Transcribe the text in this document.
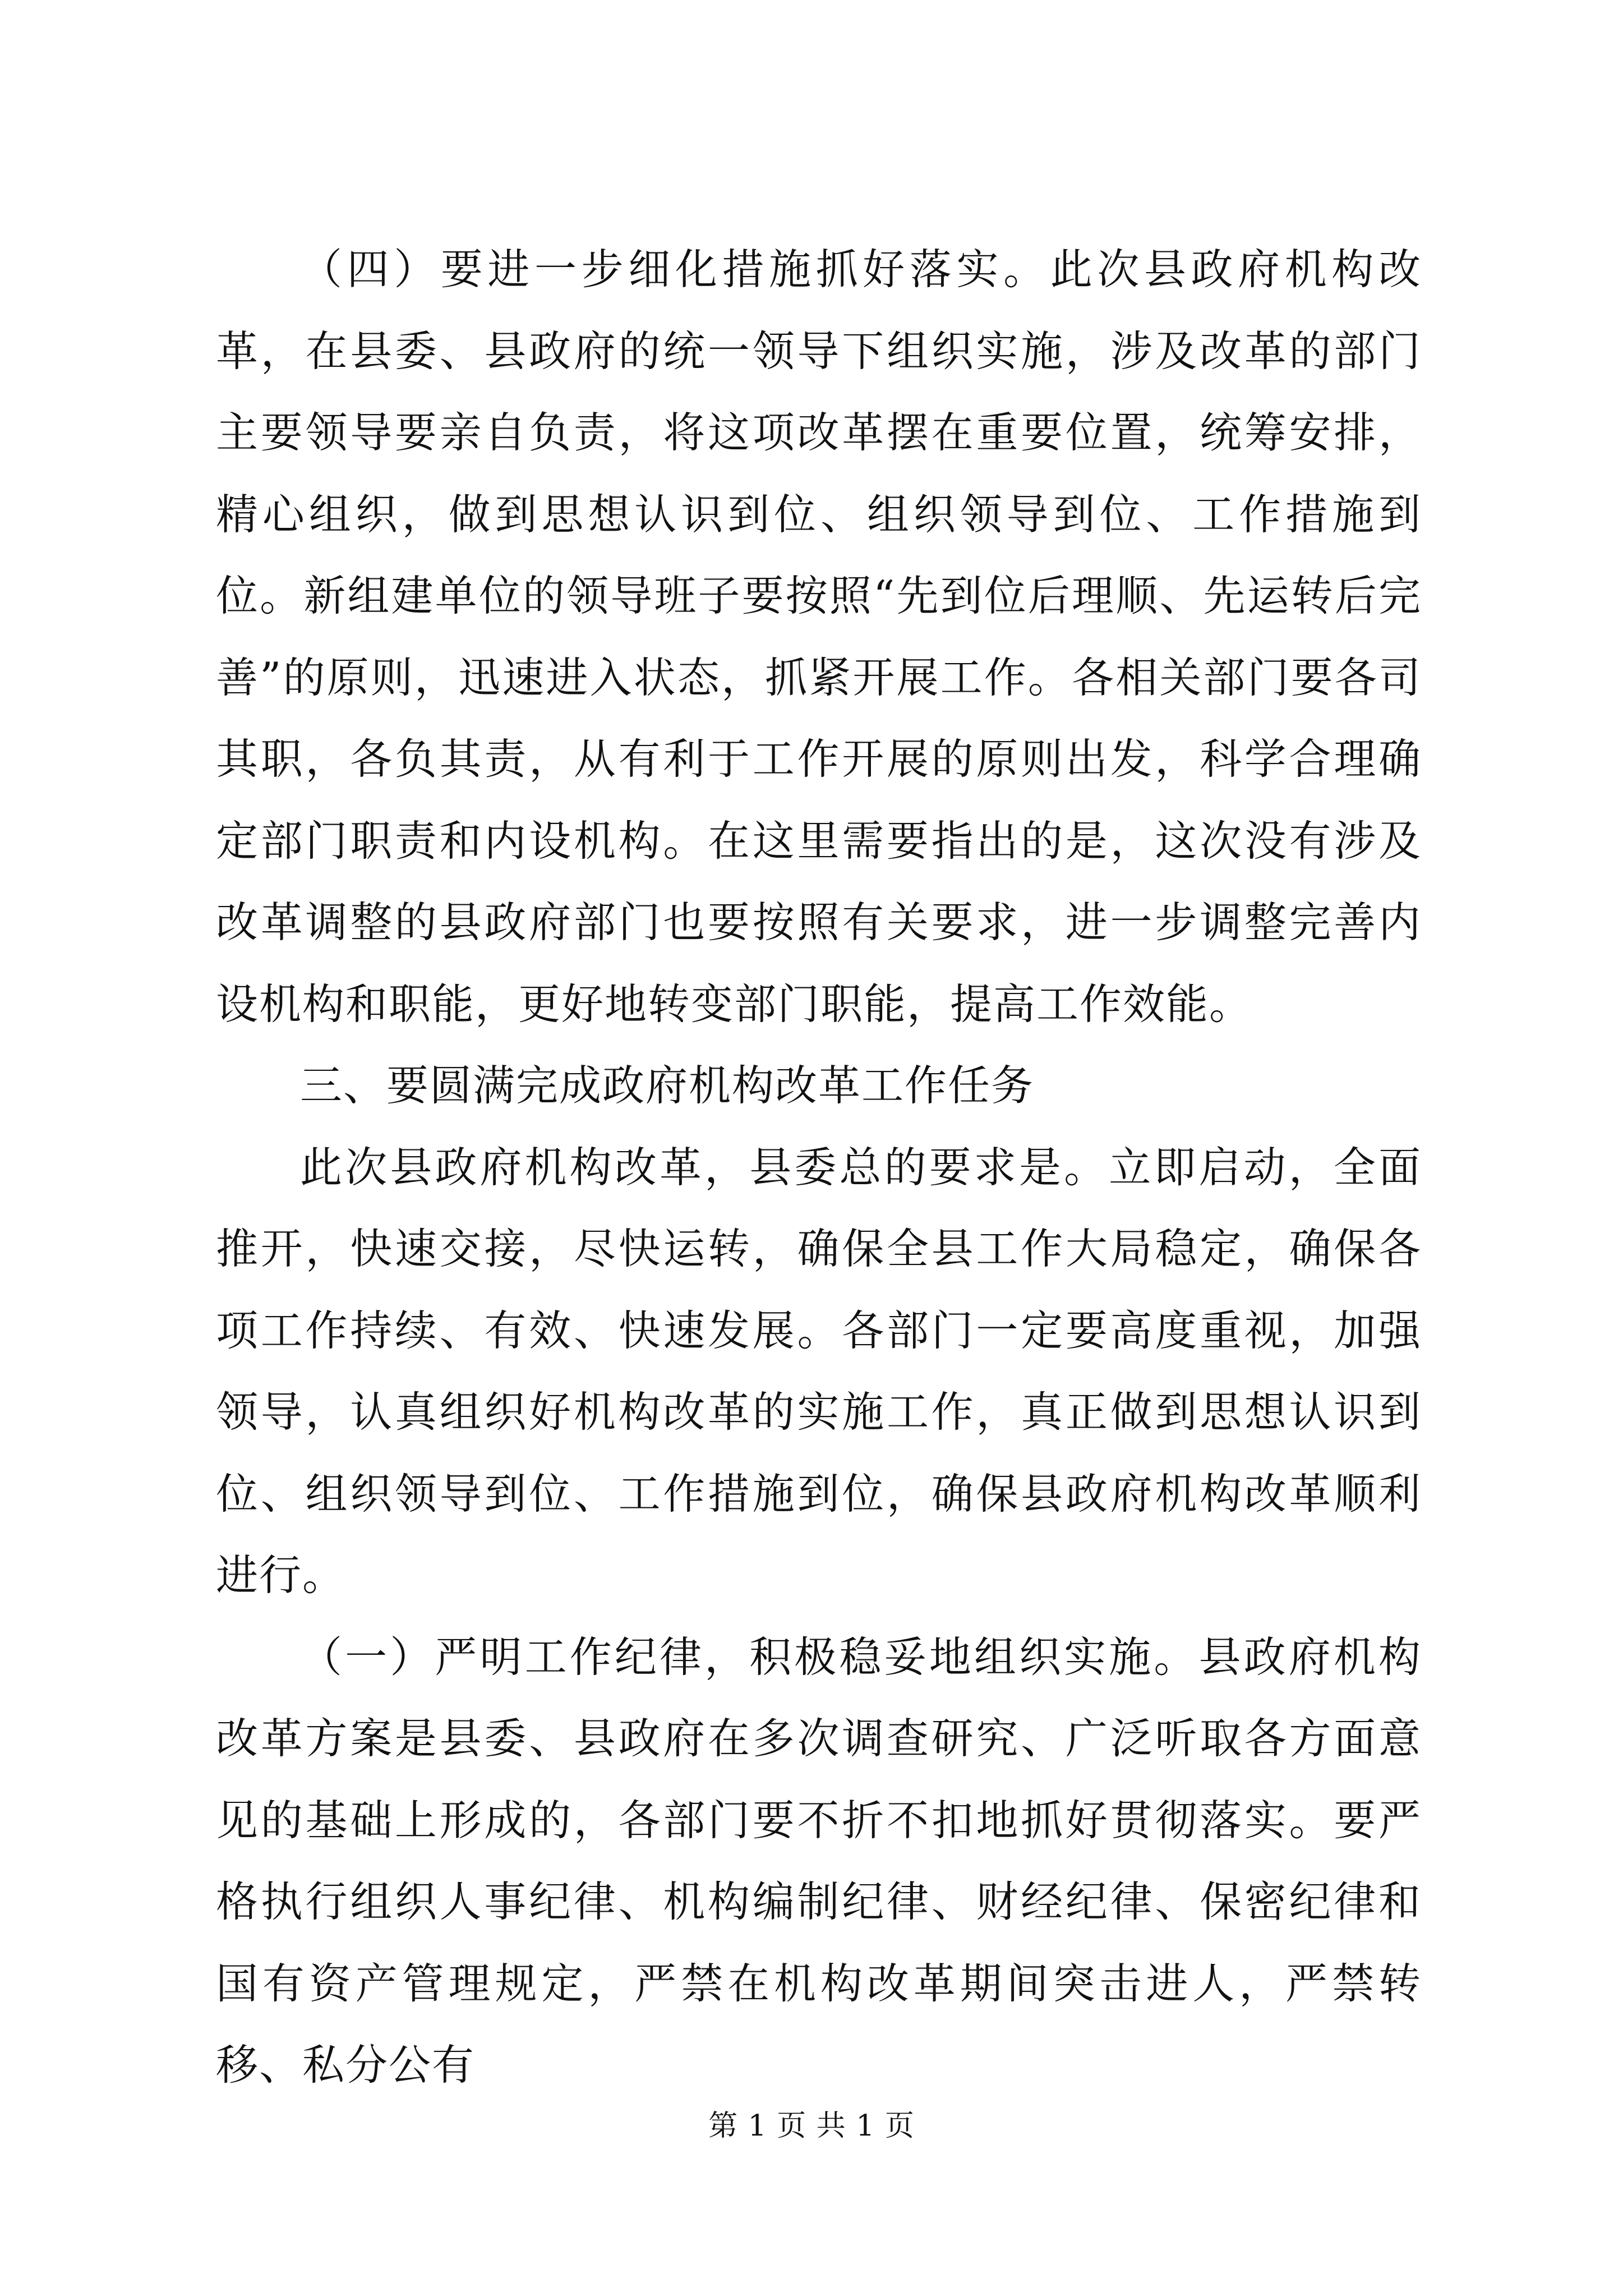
（四）要进一步细化措施抓好落实。此次县政府机构改革，在县委、县政府的统一领导下组织实施，涉及改革的部门主要领导要亲自负责，将这项改革摆在重要位置，统筹安排，精心组织，做到思想认识到位、组织领导到位、工作措施到位。新组建单位的领导班子要按照“先到位后理顺、先运转后完善”的原则，迅速进入状态，抓紧开展工作。各相关部门要各司其职，各负其责，从有利于工作开展的原则出发，科学合理确定部门职责和内设机构。在这里需要指出的是，这次没有涉及改革调整的县政府部门也要按照有关要求，进一步调整完善内设机构和职能，更好地转变部门职能，提高工作效能。

三、要圆满完成政府机构改革工作任务

此次县政府机构改革，县委总的要求是。立即启动，全面推开，快速交接，尽快运转，确保全县工作大局稳定，确保各项工作持续、有效、快速发展。各部门一定要高度重视，加强领导，认真组织好机构改革的实施工作，真正做到思想认识到位、组织领导到位、工作措施到位，确保县政府机构改革顺利进行。

（一）严明工作纪律，积极稳妥地组织实施。县政府机构改革方案是县委、县政府在多次调查研究、广泛听取各方面意见的基础上形成的，各部门要不折不扣地抓好贯彻落实。要严格执行组织人事纪律、机构编制纪律、财经纪律、保密纪律和国有资产管理规定，严禁在机构改革期间突击进人，严禁转移、私分公有

第 1 页 共 1 页
